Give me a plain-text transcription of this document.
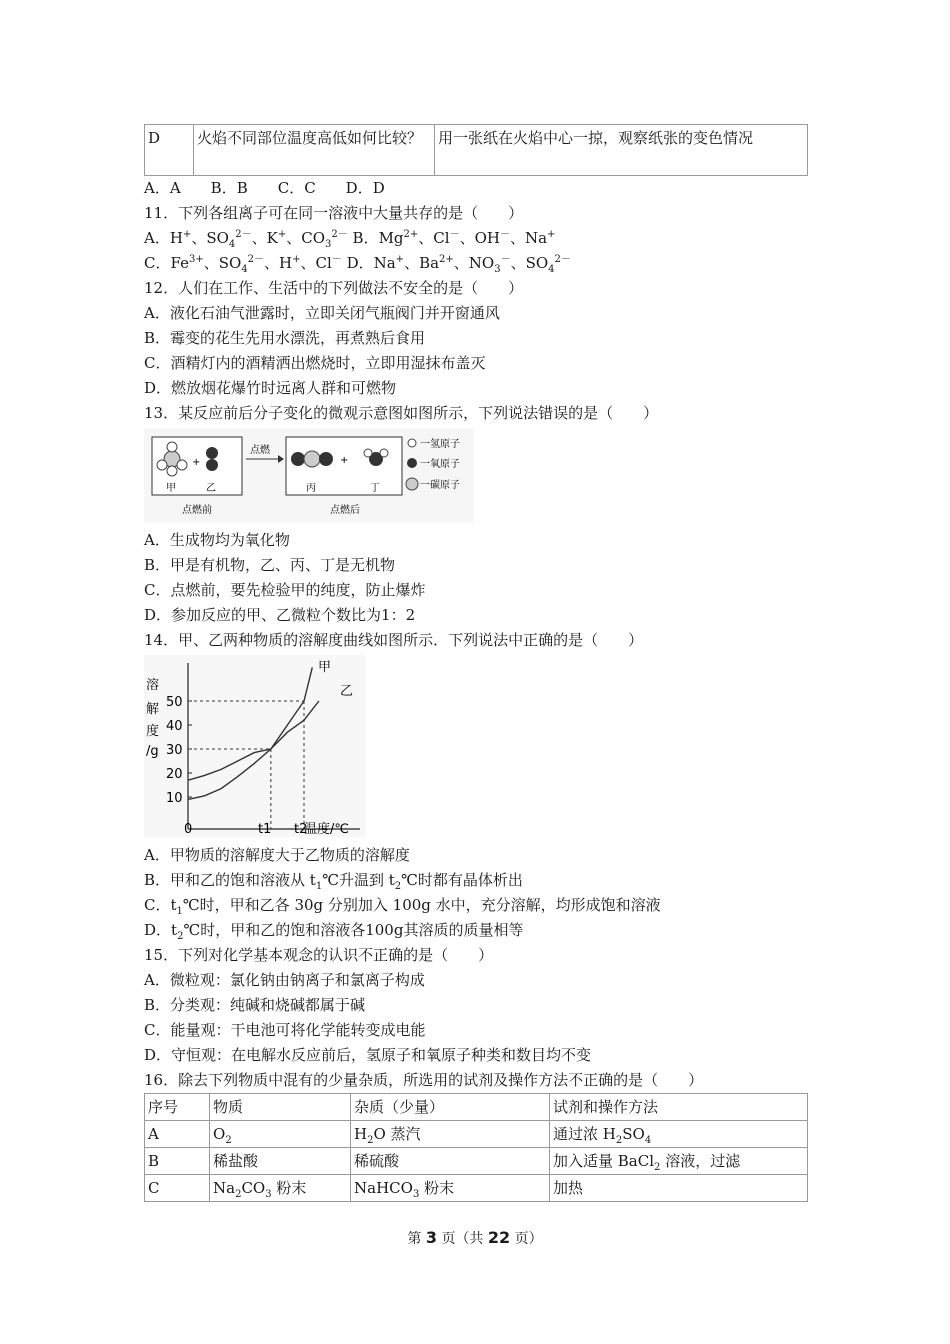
D	火焰不同部位温度高低如何比较？	用一张纸在火焰中心一掠，观察纸张的变色情况
A．A　　B．B　　C．C　　D．D
11．下列各组离子可在同一溶液中大量共存的是（　　）
A．H+、$SO_4^{2-}$、K+、$CO_3^{2-}$ B．$Mg^{2+}$、Cl－、OH－、Na+
C．$Fe^{3+}$、$SO_4^{2-}$、H+、Cl－ D．Na+、$Ba^{2+}$、$NO_3^-$、$SO_4^{2-}$
12．人们在工作、生活中的下列做法不安全的是（　　）
A．液化石油气泄露时，立即关闭气瓶阀门并开窗通风
B．霉变的花生先用水漂洗，再煮熟后食用
C．酒精灯内的酒精洒出燃烧时，立即用湿抹布盖灭
D．燃放烟花爆竹时远离人群和可燃物
13．某反应前后分子变化的微观示意图如图所示，下列说法错误的是（　　）
+
甲	乙
点燃前
点燃
+
丙	丁
点燃后
一氢原子
一氧原子
一碳原子
A．生成物均为氧化物
B．甲是有机物，乙、丙、丁是无机物
C．点燃前，要先检验甲的纯度，防止爆炸
D．参加反应的甲、乙微粒个数比为1：2
14．甲、乙两种物质的溶解度曲线如图所示．下列说法中正确的是（　　）
溶
解
度
/g
10
20
30
40
50
0	t1 t2
温度/℃
甲
乙
A．甲物质的溶解度大于乙物质的溶解度
B．甲和乙的饱和溶液从 $t_1℃$升温到 $t_2℃$时都有晶体析出
C．$t_1℃$时，甲和乙各 30g 分别加入 100g 水中，充分溶解，均形成饱和溶液
D．$t_2℃$时，甲和乙的饱和溶液各100g其溶质的质量相等
15．下列对化学基本观念的认识不正确的是（　　）
A．微粒观：氯化钠由钠离子和氯离子构成
B．分类观：纯碱和烧碱都属于碱
C．能量观：干电池可将化学能转变成电能
D．守恒观：在电解水反应前后，氢原子和氧原子种类和数目均不变
16．除去下列物质中混有的少量杂质，所选用的试剂及操作方法不正确的是（　　）
序号	物质	杂质（少量）	试剂和操作方法
A	$O_2$	$H_2O$ 蒸汽	通过浓 $H_2SO_4$
B	稀盐酸	稀硫酸	加入适量 BaCl$_2$ 溶液，过滤
C	$Na_2CO_3$ 粉末	NaHCO$_3$ 粉末	加热
第 3 页（共 22 页）
